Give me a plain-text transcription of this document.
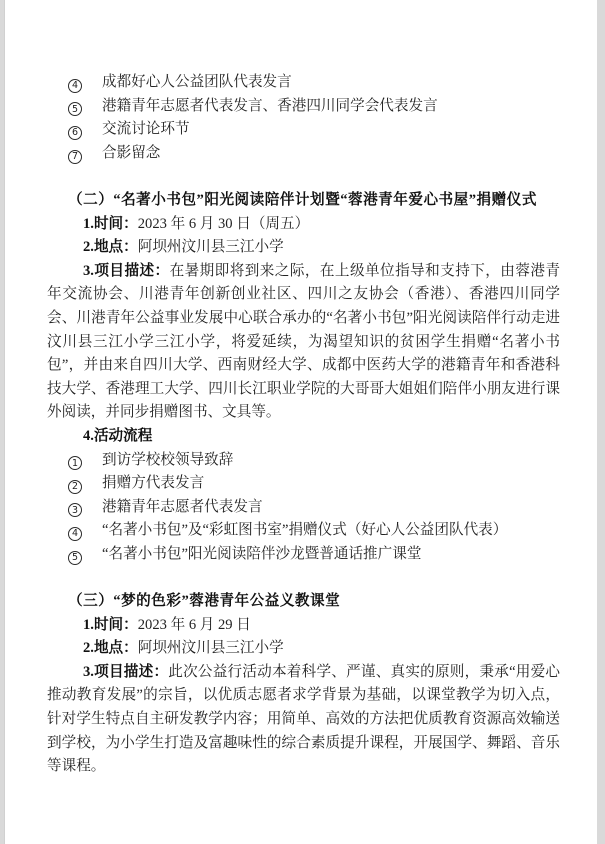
4 成都好心人公益团队代表发言

5 港籍青年志愿者代表发言、香港四川同学会代表发言

6 交流讨论环节

7 合影留念

（二）“名著小书包”阳光阅读陪伴计划暨“蓉港青年爱心书屋”捐赠仪式

1.时间：2023 年 6 月 30 日（周五）

2.地点：阿坝州汶川县三江小学

3.项目描述：在暑期即将到来之际，在上级单位指导和支持下，由蓉港青年交流协会、川港青年创新创业社区、四川之友协会（香港）、香港四川同学会、川港青年公益事业发展中心联合承办的“名著小书包”阳光阅读陪伴行动走进汶川县三江小学三江小学，将爱延续，为渴望知识的贫困学生捐赠“名著小书包”，并由来自四川大学、西南财经大学、成都中医药大学的港籍青年和香港科技大学、香港理工大学、四川长江职业学院的大哥哥大姐姐们陪伴小朋友进行课外阅读，并同步捐赠图书、文具等。

4.活动流程

1 到访学校校领导致辞

2 捐赠方代表发言

3 港籍青年志愿者代表发言

4 “名著小书包”及“彩虹图书室”捐赠仪式（好心人公益团队代表）

5 “名著小书包”阳光阅读陪伴沙龙暨普通话推广课堂

（三）“梦的色彩”蓉港青年公益义教课堂

1.时间：2023 年 6 月 29 日

2.地点：阿坝州汶川县三江小学

3.项目描述：此次公益行活动本着科学、严谨、真实的原则，秉承“用爱心推动教育发展”的宗旨，以优质志愿者求学背景为基础，以课堂教学为切入点，针对学生特点自主研发教学内容；用简单、高效的方法把优质教育资源高效输送到学校，为小学生打造及富趣味性的综合素质提升课程，开展国学、舞蹈、音乐等课程。
